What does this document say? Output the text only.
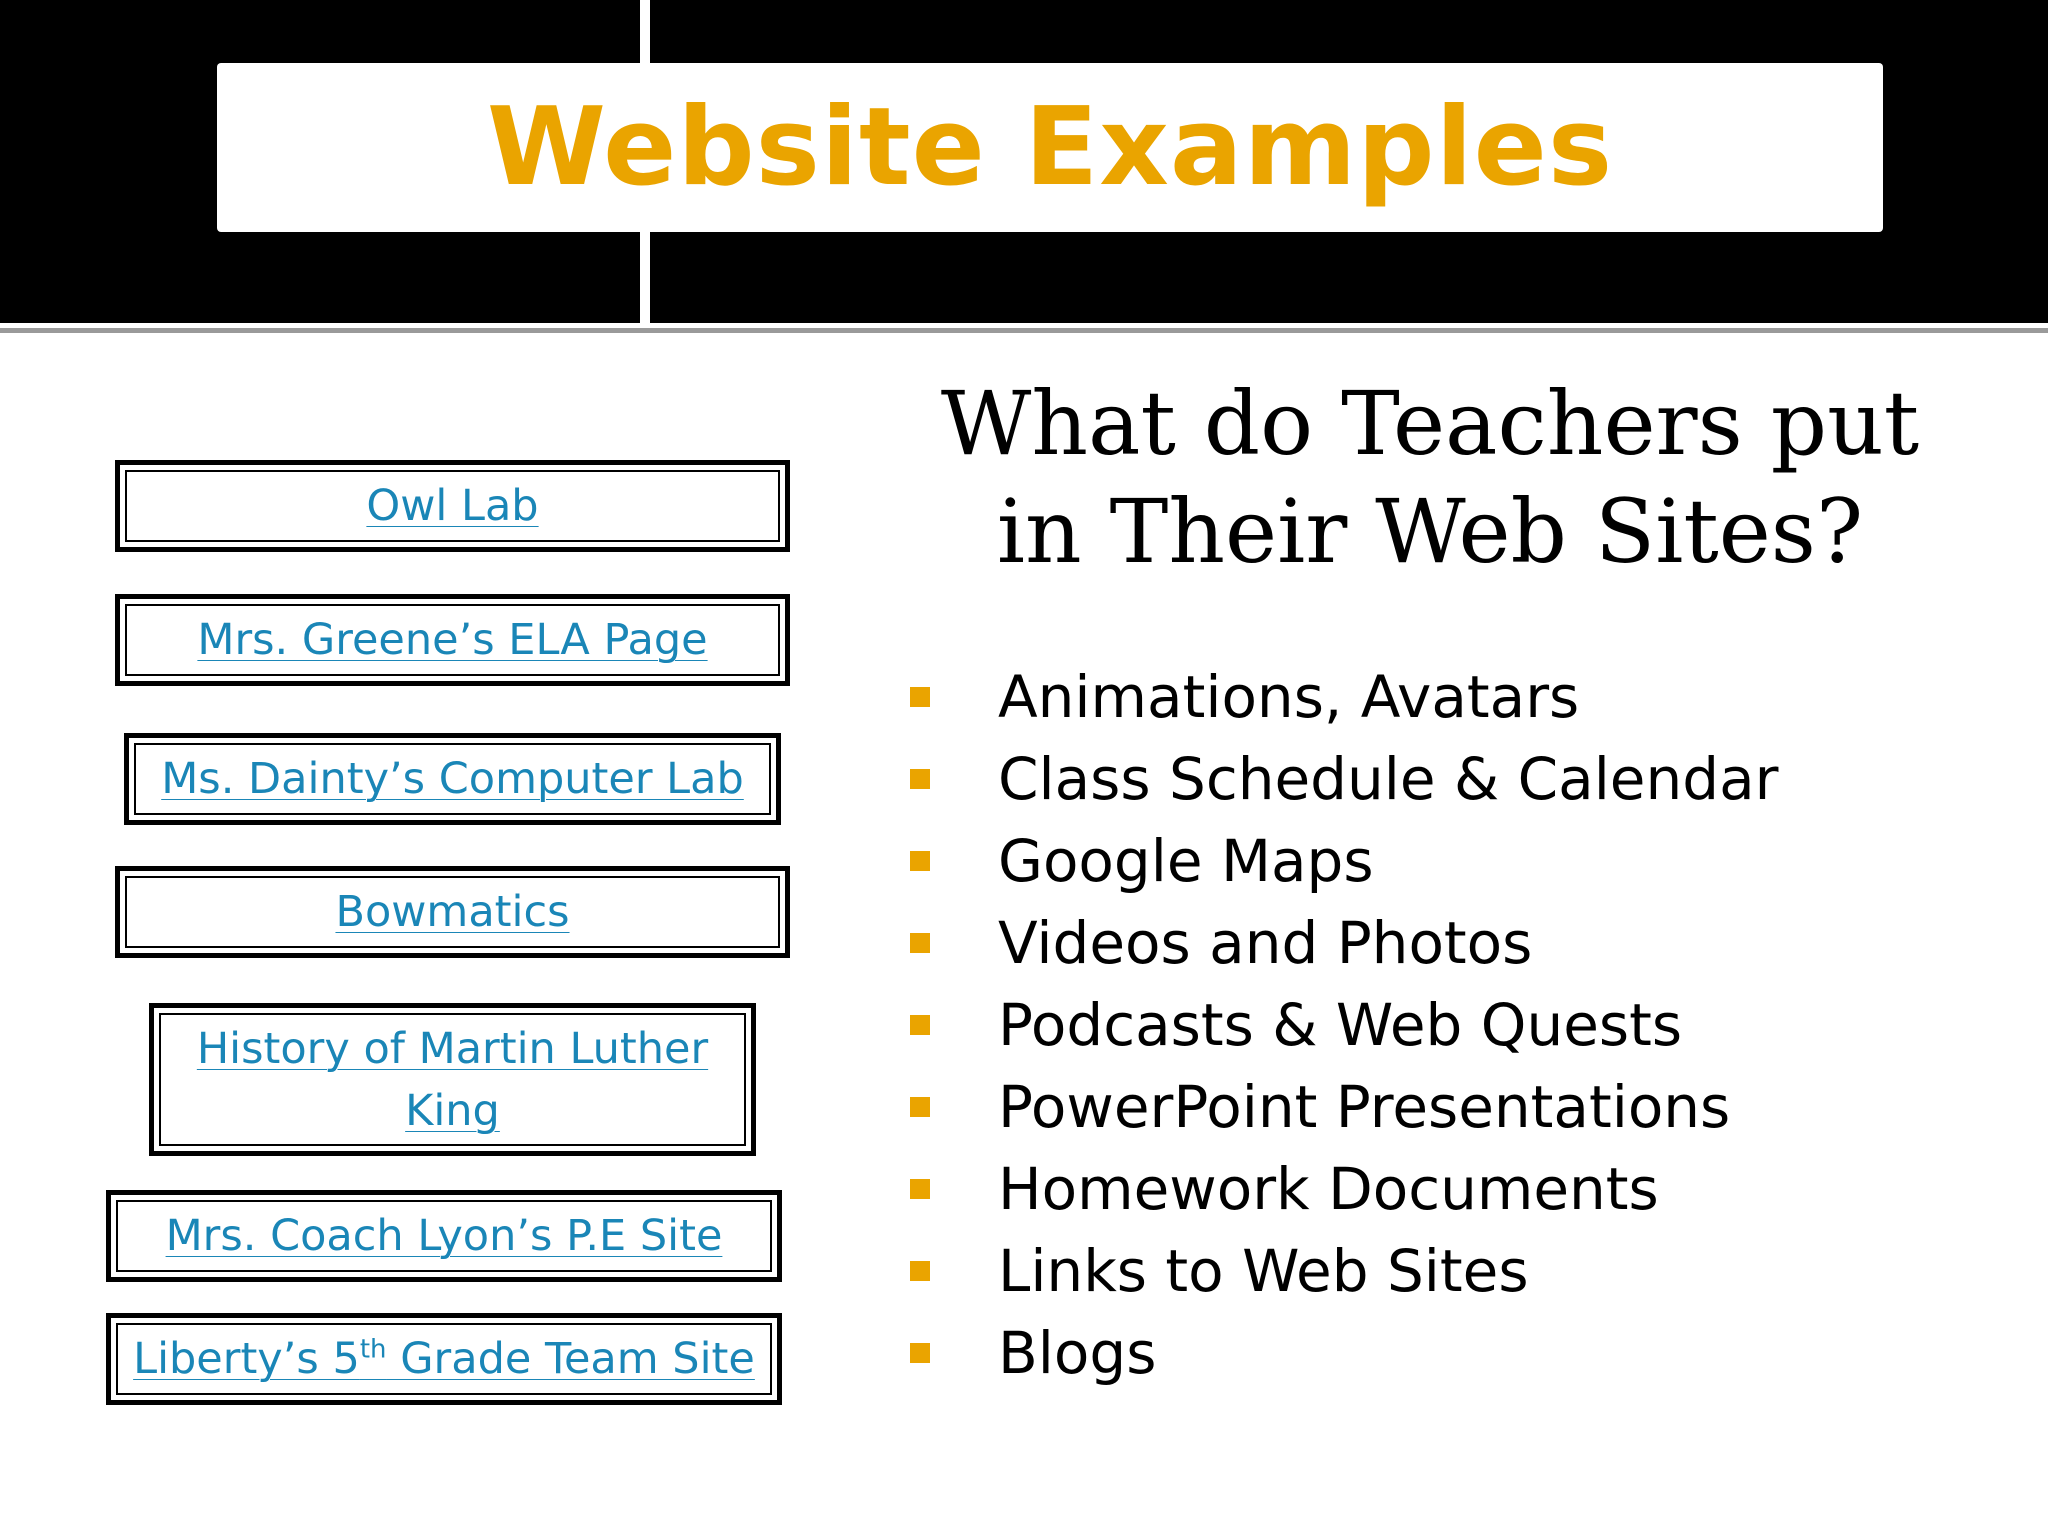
Website Examples
Owl Lab
Mrs. Greene’s ELA Page
Ms. Dainty’s Computer Lab
Bowmatics
History of Martin Luther King
Mrs. Coach Lyon’s P.E Site
Liberty’s 5th Grade Team Site
What do Teachers put in Their Web Sites?
Animations, Avatars
Class Schedule & Calendar
Google Maps
Videos and Photos
Podcasts & Web Quests
PowerPoint Presentations
Homework Documents
Links to Web Sites
Blogs
